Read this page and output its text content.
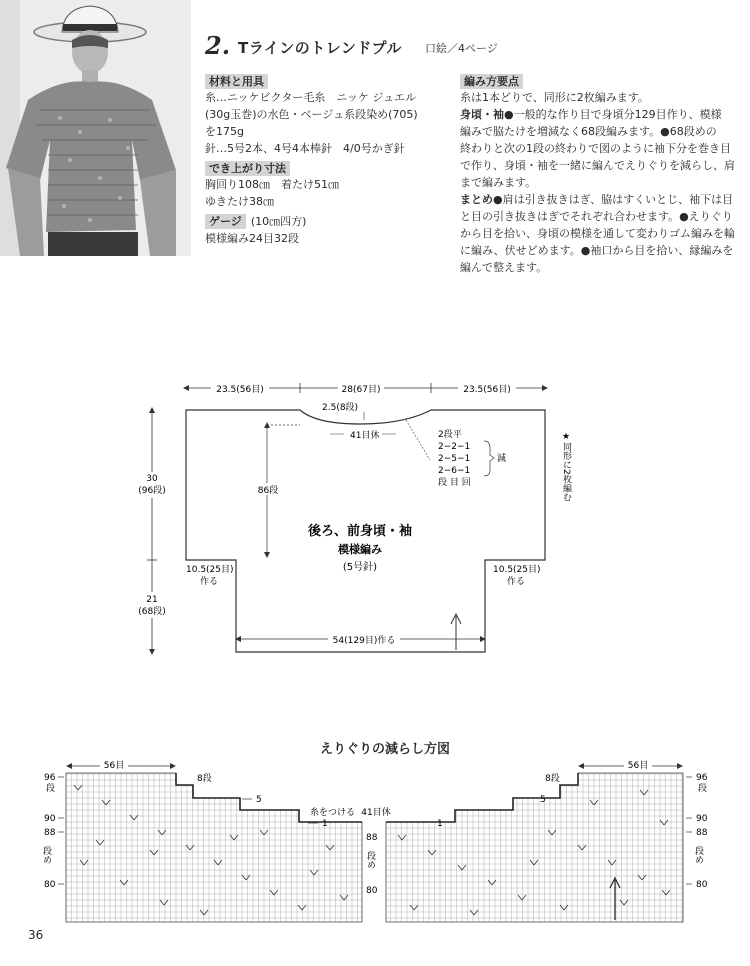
2. Tラインのトレンドプル 口絵／4ページ
材料と用具
糸…ニッケビクター毛糸　ニッケ ジュエル
(30g玉巻)の水色・ベージュ系段染め(705)
を175g
針…5号2本、4号4本棒針　4/0号かぎ針
でき上がり寸法
胸回り108㎝　着たけ51㎝
ゆきたけ38㎝
ゲージ (10㎝四方)
模様編み24目32段
編み方要点
糸は1本どりで、同形に2枚編みます。
身頃・袖●一般的な作り目で身頃分129目作り、模様
編みで脇たけを増減なく68段編みます。●68段めの
終わりと次の1段の終わりで図のように袖下分を巻き目
で作り、身頃・袖を一緒に編んでえりぐりを減らし、肩
まで編みます。
まとめ●肩は引き抜きはぎ、脇はすくいとじ、袖下は目
と目の引き抜きはぎでそれぞれ合わせます。●えりぐり
から目を拾い、身頃の模様を通して変わりゴム編みを輪
に編み、伏せどめます。●袖口から目を拾い、縁編みを
編んで整えます。
23.5(56目)	28(67目)	23.5(56目)
2.5(8段)
41目休	2段平
2−2−1
2−5−1
2−6−1
減
段 目 回
86段
30
(96段)
21
(68段)
後ろ、前身頃・袖
模様編み
(5号針)
10.5(25目)
作る
10.5(25目)
作る
54(129目)作る
★同形に2枚編む
えりぐりの減らし方図
56目	56目
96
段
90
88
段め
80
8段
5
1
糸をつける 41目休
88
段め
80
8段
5
1
96
段
90
88
段め
80
36
